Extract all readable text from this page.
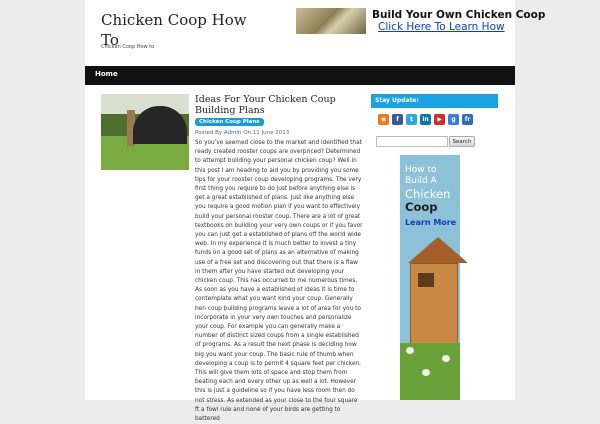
Chicken Coop How To
Chicken Coop How to
Build Your Own Chicken Coop
Click Here To Learn How
Home
Ideas For Your Chicken Coup Building Plans
Chicken Coup Plans
Posted By Admin On 11 June 2013
So you've seemed close to the market and identified that ready created rooster coups are overpriced? Determined to attempt building your personal chicken coup? Well in this post I am heading to aid you by providing you some tips for your rooster coup developing programs. The very first thing you require to do just before anything else is get a great established of plans. Just like anything else you require a good motion plan if you want to effectively build your personal rooster coup. There are a lot of great textbooks on building your very own coups or if you favor you can just get a established of plans off the world wide web. In my experience it is much better to invest a tiny funds on a good set of plans as an alternative of making use of a free set and discovering out that there is a flaw in them after you have started out developing your chicken coup. This has occurred to me numerous times. As soon as you have a established of ideas it is time to contemplate what you want kind your coup. Generally hen coup building programs leave a lot of area for you to incorporate in your very own touches and personalize your coup. For example you can generally make a number of distinct sized coups from a single established of programs. As a result the next phase is deciding how big you want your coup. The basic rule of thumb when developing a coup is to permit 4 square feet per chicken. This will give them lots of space and stop them from beating each and every other up as well a lot. However this is just a guideline so if you have less room then do not stress. As extended as your close to the four square ft a fowl rule and none of your birds are getting to battered
Stay Update:
◉	f	t	in	▶	g	fr
Search
How to
Build A
Chicken
Coop
Learn More
